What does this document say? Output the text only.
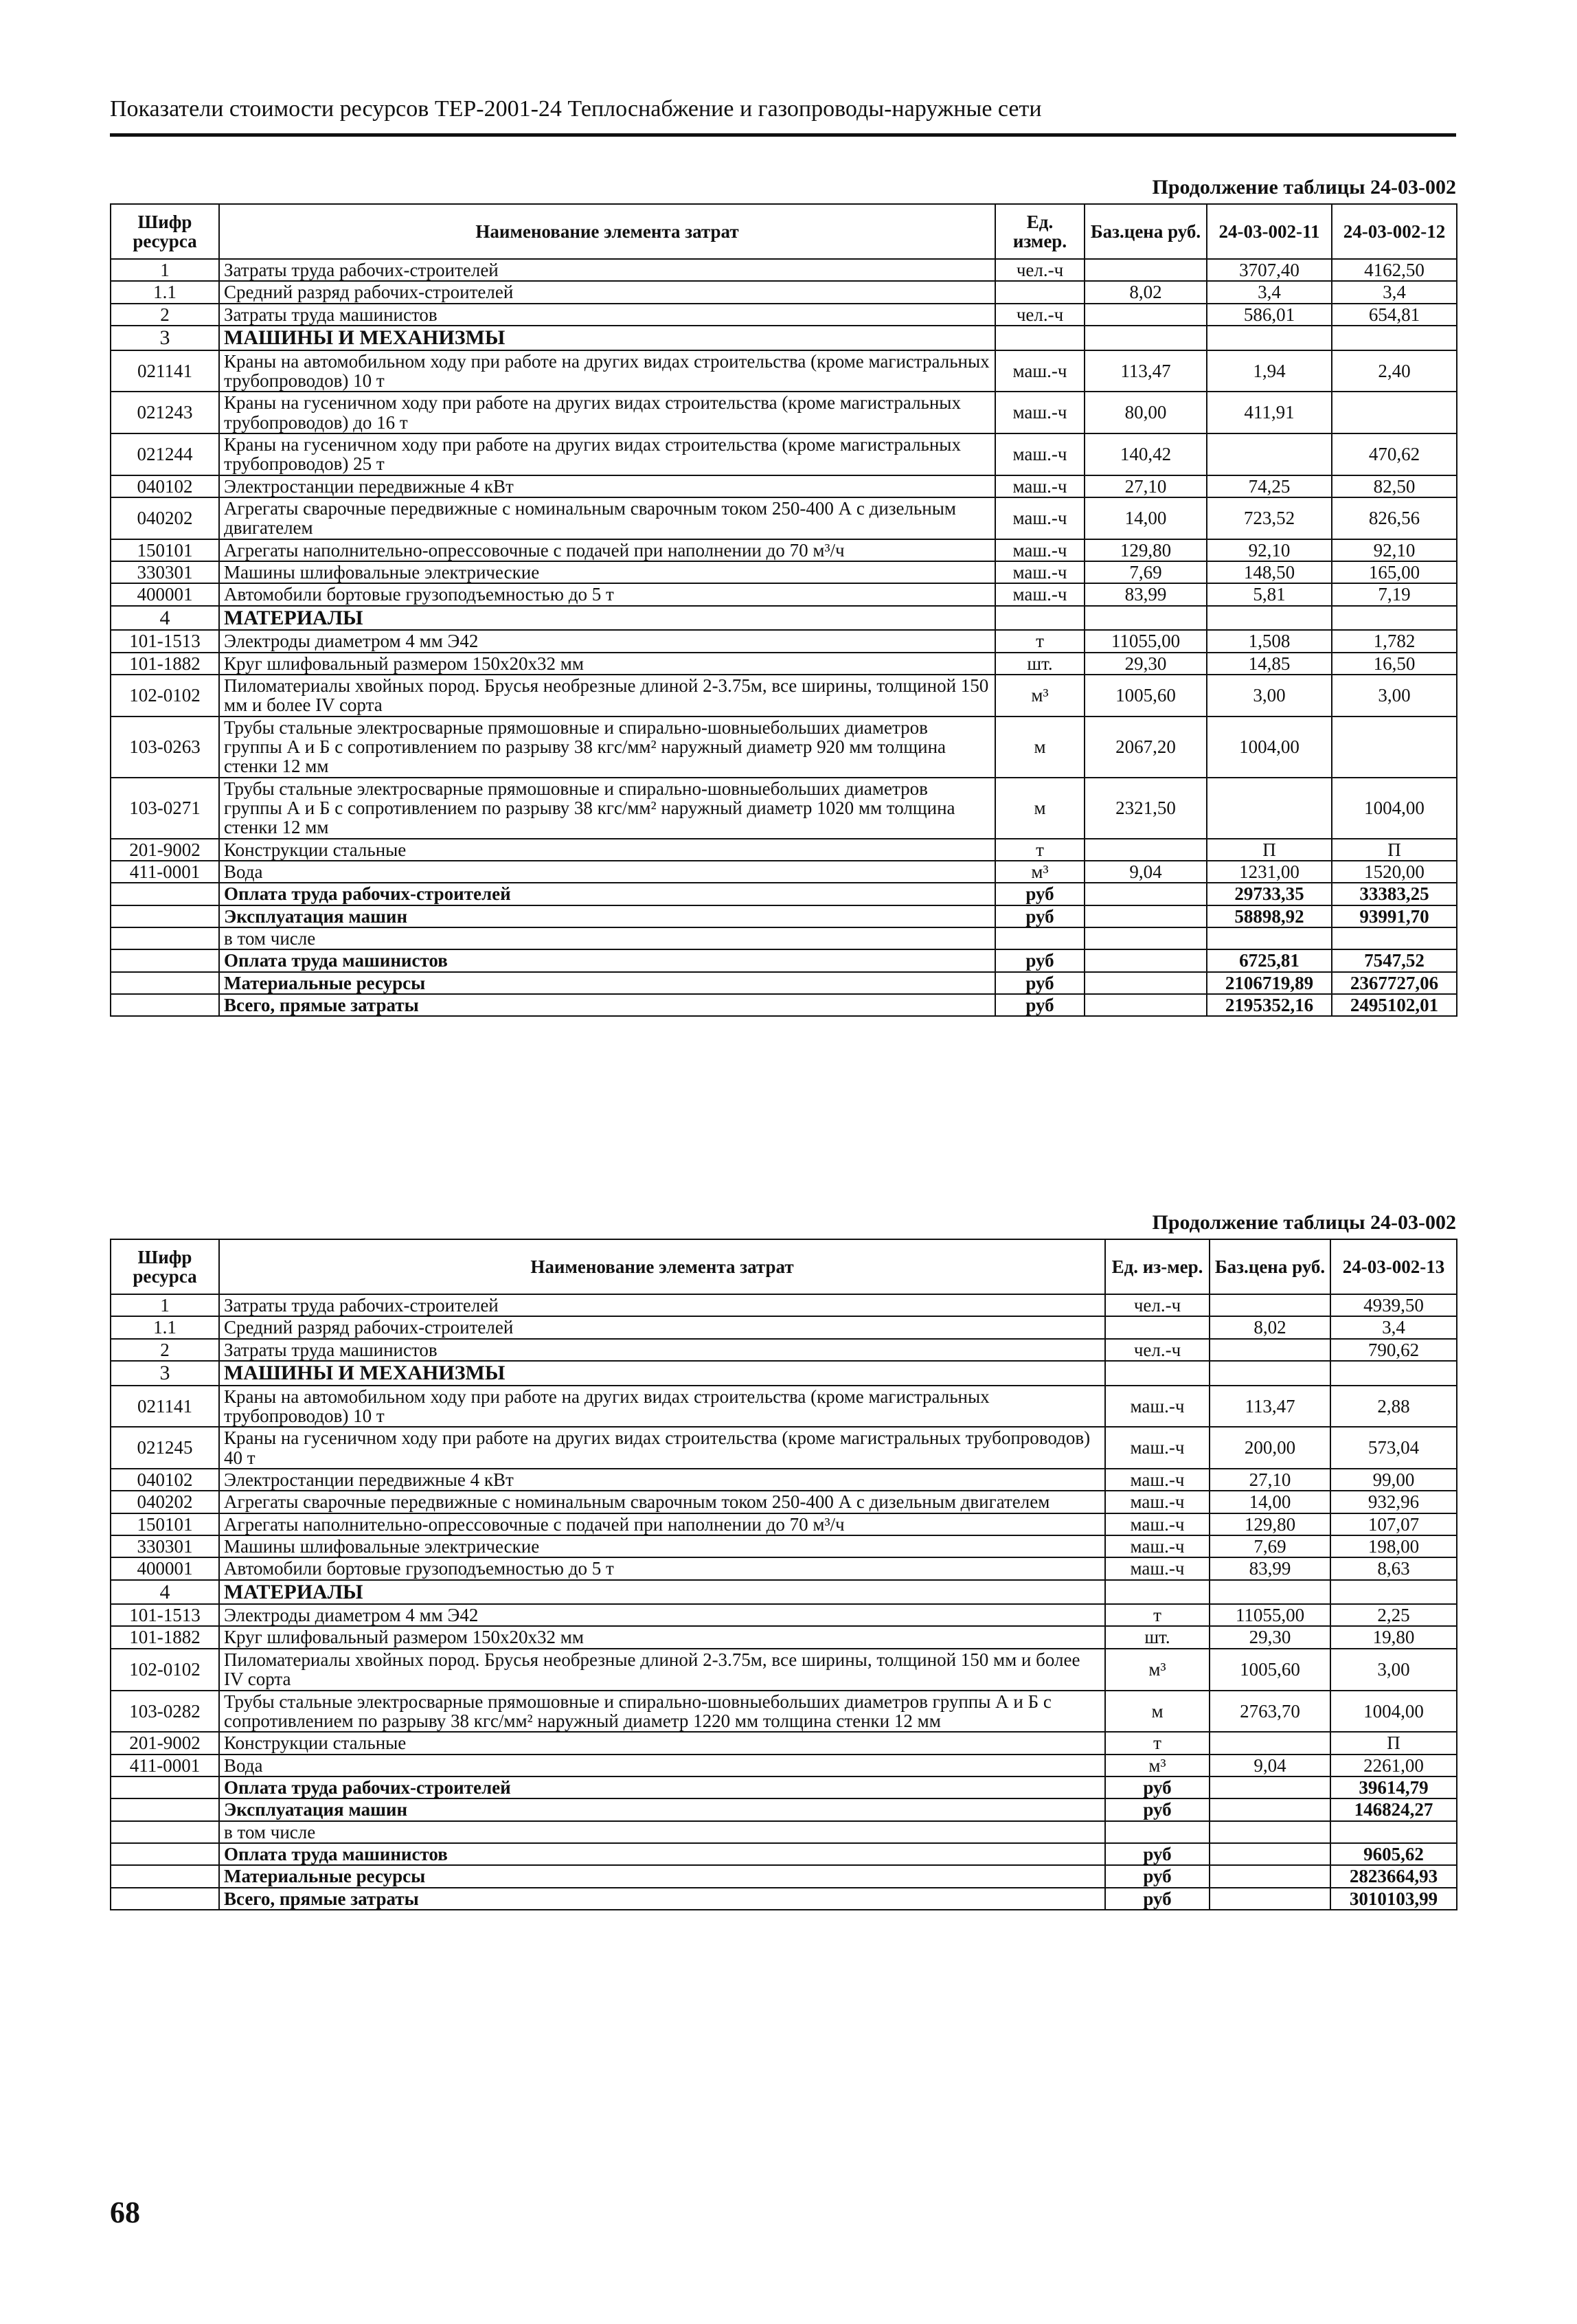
Показатели стоимости ресурсов ТЕР-2001-24 Теплоснабжение и газопроводы-наружные сети
Продолжение таблицы 24-03-002
Шифр ресурса	Наименование элемента затрат	Ед. измер.	Баз.цена руб.	24-03-002-11	24-03-002-12
1	Затраты труда рабочих-строителей	чел.-ч		3707,40	4162,50
1.1	Средний разряд рабочих-строителей		8,02	3,4	3,4
2	Затраты труда машинистов	чел.-ч		586,01	654,81
3	МАШИНЫ И МЕХАНИЗМЫ				
021141	Краны на автомобильном ходу при работе на других видах строительства (кроме магистральных трубопроводов) 10 т	маш.-ч	113,47	1,94	2,40
021243	Краны на гусеничном ходу при работе на других видах строительства (кроме магистральных трубопроводов) до 16 т	маш.-ч	80,00	411,91	
021244	Краны на гусеничном ходу при работе на других видах строительства (кроме магистральных трубопроводов) 25 т	маш.-ч	140,42		470,62
040102	Электростанции передвижные 4 кВт	маш.-ч	27,10	74,25	82,50
040202	Агрегаты сварочные передвижные с номинальным сварочным током 250-400 А с дизельным двигателем	маш.-ч	14,00	723,52	826,56
150101	Агрегаты наполнительно-опрессовочные с подачей при наполнении до 70 м³/ч	маш.-ч	129,80	92,10	92,10
330301	Машины шлифовальные электрические	маш.-ч	7,69	148,50	165,00
400001	Автомобили бортовые грузоподъемностью до 5 т	маш.-ч	83,99	5,81	7,19
4	МАТЕРИАЛЫ				
101-1513	Электроды диаметром 4 мм Э42	т	11055,00	1,508	1,782
101-1882	Круг шлифовальный размером 150х20х32 мм	шт.	29,30	14,85	16,50
102-0102	Пиломатериалы хвойных пород. Брусья необрезные длиной 2-3.75м, все ширины, толщиной 150 мм и более IV сорта	м³	1005,60	3,00	3,00
103-0263	Трубы стальные электросварные прямошовные и спирально-шовныебольших диаметров группы А и Б с сопротивлением по разрыву 38 кгс/мм² наружный диаметр 920 мм толщина стенки 12 мм	м	2067,20	1004,00	
103-0271	Трубы стальные электросварные прямошовные и спирально-шовныебольших диаметров группы А и Б с сопротивлением по разрыву 38 кгс/мм² наружный диаметр 1020 мм толщина стенки 12 мм	м	2321,50		1004,00
201-9002	Конструкции стальные	т		П	П
411-0001	Вода	м³	9,04	1231,00	1520,00
	Оплата труда рабочих-строителей	руб		29733,35	33383,25
	Эксплуатация машин	руб		58898,92	93991,70
	в том числе				
	Оплата труда машинистов	руб		6725,81	7547,52
	Материальные ресурсы	руб		2106719,89	2367727,06
	Всего, прямые затраты	руб		2195352,16	2495102,01
Продолжение таблицы 24-03-002
Шифр ресурса	Наименование элемента затрат	Ед. из-мер.	Баз.цена руб.	24-03-002-13
1	Затраты труда рабочих-строителей	чел.-ч		4939,50
1.1	Средний разряд рабочих-строителей		8,02	3,4
2	Затраты труда машинистов	чел.-ч		790,62
3	МАШИНЫ И МЕХАНИЗМЫ			
021141	Краны на автомобильном ходу при работе на других видах строительства (кроме магистральных трубопроводов) 10 т	маш.-ч	113,47	2,88
021245	Краны на гусеничном ходу при работе на других видах строительства (кроме магистральных трубопроводов) 40 т	маш.-ч	200,00	573,04
040102	Электростанции передвижные 4 кВт	маш.-ч	27,10	99,00
040202	Агрегаты сварочные передвижные с номинальным сварочным током 250-400 А с дизельным двигателем	маш.-ч	14,00	932,96
150101	Агрегаты наполнительно-опрессовочные с подачей при наполнении до 70 м³/ч	маш.-ч	129,80	107,07
330301	Машины шлифовальные электрические	маш.-ч	7,69	198,00
400001	Автомобили бортовые грузоподъемностью до 5 т	маш.-ч	83,99	8,63
4	МАТЕРИАЛЫ			
101-1513	Электроды диаметром 4 мм Э42	т	11055,00	2,25
101-1882	Круг шлифовальный размером 150х20х32 мм	шт.	29,30	19,80
102-0102	Пиломатериалы хвойных пород. Брусья необрезные длиной 2-3.75м, все ширины, толщиной 150 мм и более IV сорта	м³	1005,60	3,00
103-0282	Трубы стальные электросварные прямошовные и спирально-шовныебольших диаметров группы А и Б с сопротивлением по разрыву 38 кгс/мм² наружный диаметр 1220 мм толщина стенки 12 мм	м	2763,70	1004,00
201-9002	Конструкции стальные	т		П
411-0001	Вода	м³	9,04	2261,00
	Оплата труда рабочих-строителей	руб		39614,79
	Эксплуатация машин	руб		146824,27
	в том числе			
	Оплата труда машинистов	руб		9605,62
	Материальные ресурсы	руб		2823664,93
	Всего, прямые затраты	руб		3010103,99
68
